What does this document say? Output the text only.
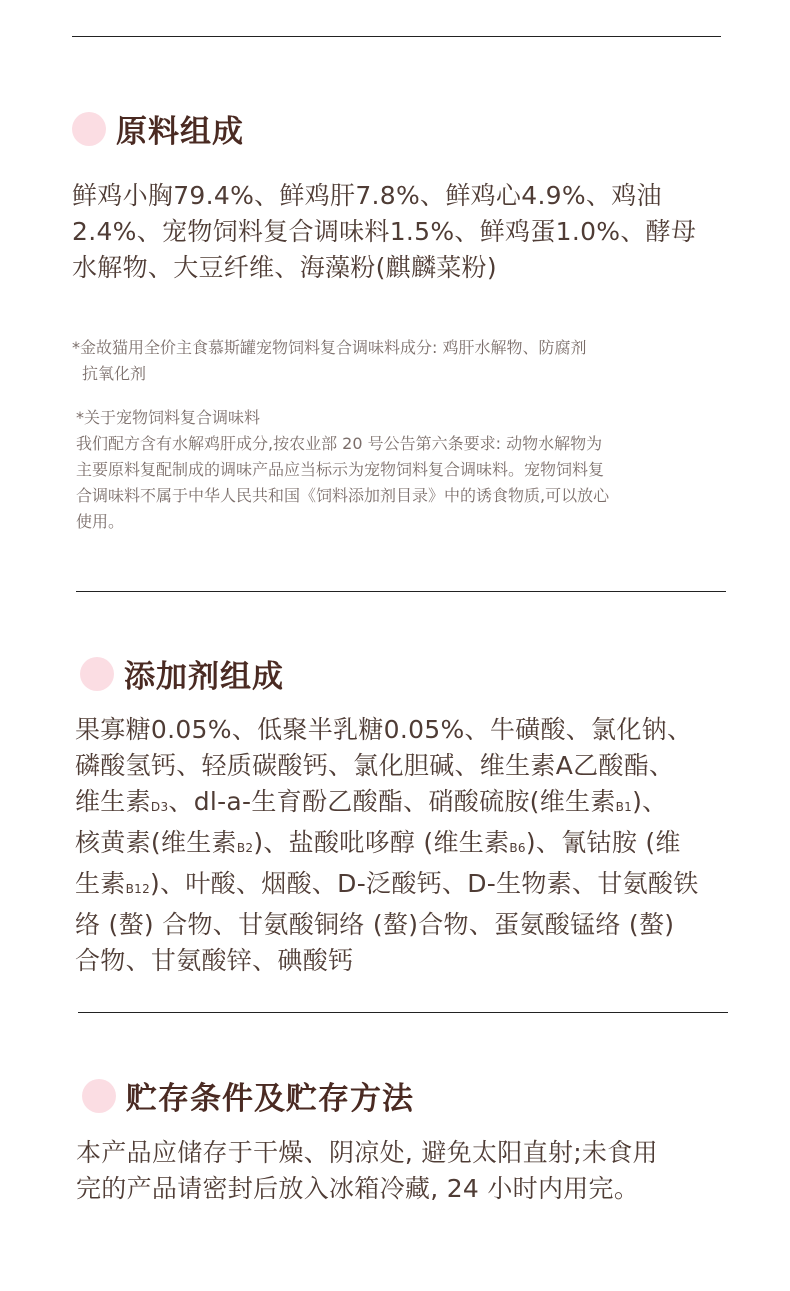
原料组成
鲜鸡小胸79.4%、鲜鸡肝7.8%、鲜鸡心4.9%、鸡油
2.4%、宠物饲料复合调味料1.5%、鲜鸡蛋1.0%、酵母
水解物、大豆纤维、海藻粉(麒麟菜粉)
*金故猫用全价主食慕斯罐宠物饲料复合调味料成分: 鸡肝水解物、防腐剂
抗氧化剂
*关于宠物饲料复合调味料
我们配方含有水解鸡肝成分,按农业部 20 号公告第六条要求: 动物水解物为
主要原料复配制成的调味产品应当标示为宠物饲料复合调味料。宠物饲料复
合调味料不属于中华人民共和国《饲料添加剂目录》中的诱食物质,可以放心
使用。
添加剂组成
果寡糖0.05%、低聚半乳糖0.05%、牛磺酸、氯化钠、
磷酸氢钙、轻质碳酸钙、氯化胆碱、维生素A乙酸酯、
维生素$_{D3}$、dl-a-生育酚乙酸酯、硝酸硫胺(维生素$_{B1}$)、
核黄素(维生素$_{B2}$)、盐酸吡哆醇 (维生素$_{B6}$)、氰钴胺 (维
生素$_{B12}$)、叶酸、烟酸、D-泛酸钙、D-生物素、甘氨酸铁
络 (螯) 合物、甘氨酸铜络 (螯)合物、蛋氨酸锰络 (螯)
合物、甘氨酸锌、碘酸钙
贮存条件及贮存方法
本产品应储存于干燥、阴凉处, 避免太阳直射;未食用
完的产品请密封后放入冰箱冷藏, 24 小时内用完。
